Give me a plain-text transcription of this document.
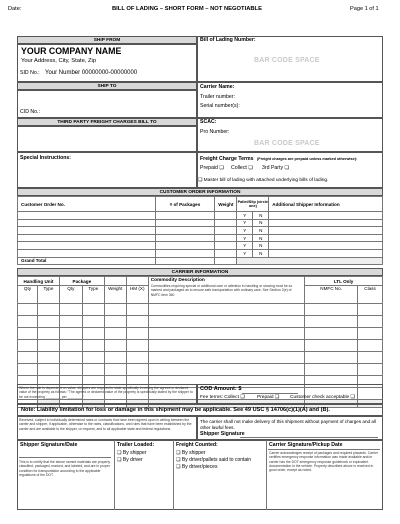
Date:	BILL OF LADING – SHORT FORM – NOT NEGOTIABLE	Page 1 of 1
SHIP FROM
YOUR COMPANY NAME
Your Address, City, State, Zip
SID No.: Your Number 00000000-00000000
Bill of Lading Number:
BAR CODE SPACE
SHIP TO
CID No.:
Carrier Name:
Trailer number:
Serial number(s):
THIRD PARTY FREIGHT CHARGES BILL TO	SCAC:
Pro Number:
BAR CODE SPACE
Special Instructions:	Freight Charge Terms (Freight charges are prepaid unless marked otherwise):
Prepaid ❏ Collect ❏ 3rd Party ❏
❏ Master bill of lading with attached underlying bills of lading.
CUSTOMER ORDER INFORMATION
Customer Order No.	# of Packages	Weight	Pallet/Slip (circle one)		Additional Shipper Information
			Y	N	
			Y	N	
			Y	N	
			Y	N	
			Y	N	
			Y	N	
Grand Total					
CARRIER INFORMATION
Handling Unit		Package				Commodity Description
Commodities requiring special or additional care or attention in handling or stowing must be so marked and packaged as to ensure safe transportation with ordinary care. See Section 2(e) of NMFC item 360	LTL Only	
Qty	Type	Qty	Type	Weight	HM (X)		NMFC No.	Class

Where the rate is dependent on value, shippers are required to state specifically in writing the agreed or declared value of the property as follows: "The agreed or declared value of the property is specifically stated by the shipper to be not exceeding ________ per ________"
COD Amount: $
Fee terms: Collect ❏	Prepaid ❏ Customer check acceptable ❏
Note: Liability limitation for loss or damage in this shipment may be applicable. See 49 USC § 14706(c)(1)(A) and (B).
Received, subject to individually determined rates or contracts that have been agreed upon in writing between the carrier and shipper, if applicable, otherwise to the rates, classifications, and rules that have been established by the carrier and are available to the shipper, on request, and to all applicable state and federal regulations.
The carrier shall not make delivery of this shipment without payment of charges and all other lawful fees.
Shipper Signature
Shipper Signature/Date
This is to certify that the above named materials are properly classified, packaged, marked, and labeled, and are in proper condition for transportation according to the applicable regulations of the DOT.
Trailer Loaded:
❏ By shipper
❏ By driver
Freight Counted:
❏ By shipper
❏ By driver/pallets said to contain
❏ By driver/pieces
Carrier Signature/Pickup Date
Carrier acknowledges receipt of packages and required placards. Carrier certifies emergency response information was made available and/or carrier has the DOT emergency response guidebook or equivalent documentation in the vehicle. Property described above is received in good order, except as noted.
